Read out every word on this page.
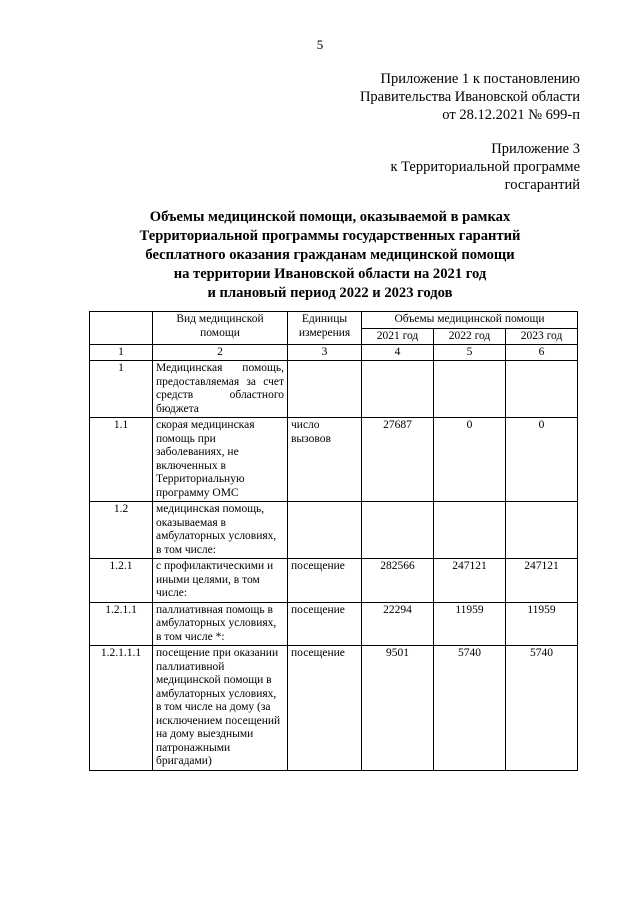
5
Приложение 1 к постановлению
Правительства Ивановской области
от 28.12.2021 № 699-п
Приложение 3
к Территориальной программе
госгарантий
Объемы медицинской помощи, оказываемой в рамках
Территориальной программы государственных гарантий
бесплатного оказания гражданам медицинской помощи
на территории Ивановской области на 2021 год
и плановый период 2022 и 2023 годов
	Вид медицинской помощи	Единицы измерения	Объемы медицинской помощи		
			2021 год	2022 год	2023 год
1	2	3	4	5	6
1	Медицинская помощь, предоставляемая за счет средств областного бюджета				
1.1	скорая медицинская помощь при заболеваниях, не включенных в Территориальную программу ОМС	число вызовов	27687	0	0
1.2	медицинская помощь, оказываемая в амбулаторных условиях, в том числе:				
1.2.1	с профилактическими и иными целями, в том числе:	посещение	282566	247121	247121
1.2.1.1	паллиативная помощь в амбулаторных условиях, в том числе *:	посещение	22294	11959	11959
1.2.1.1.1	посещение при оказании паллиативной медицинской помощи в амбулаторных условиях, в том числе на дому (за исключением посещений на дому выездными патронажными бригадами)	посещение	9501	5740	5740
